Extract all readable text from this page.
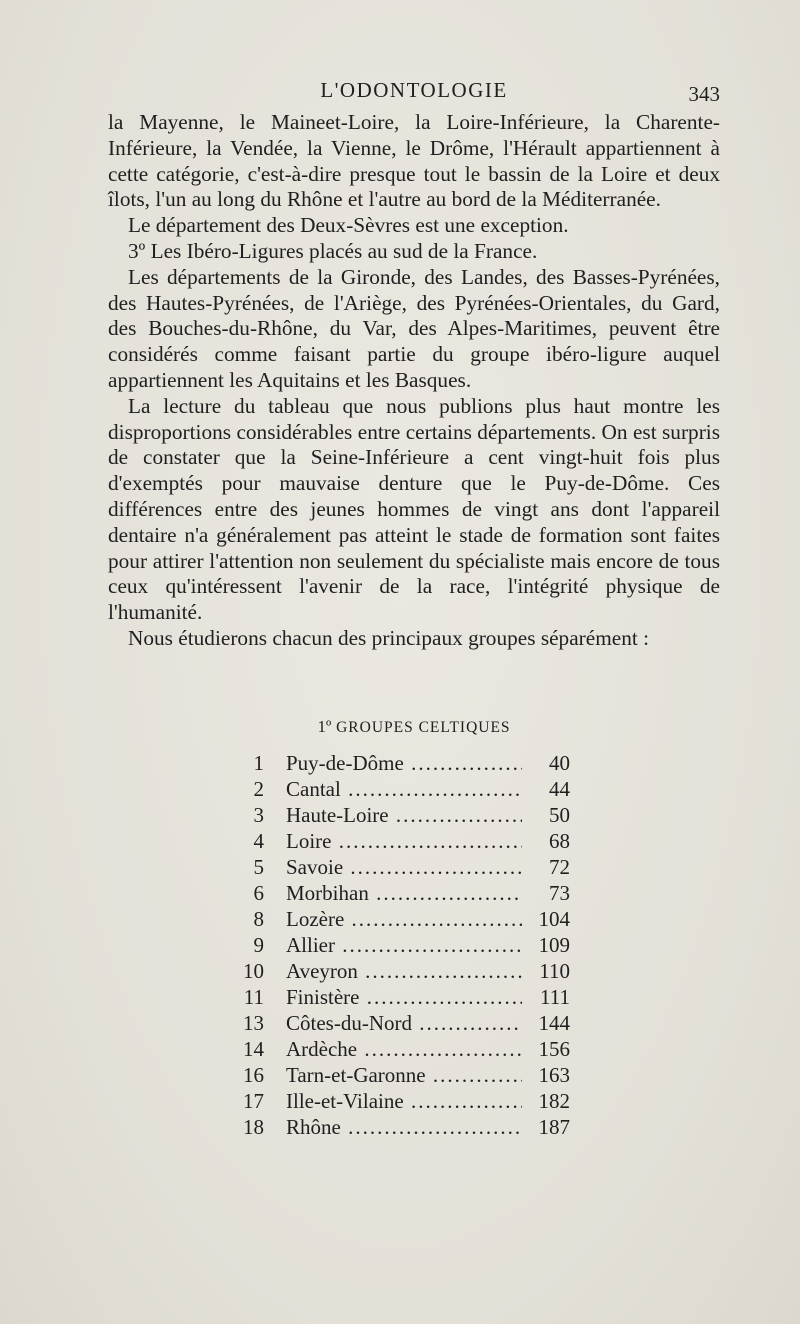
L'ODONTOLOGIE	343

la Mayenne, le Maineet-Loire, la Loire-Inférieure, la Charente-Inférieure, la Vendée, la Vienne, le Drôme, l'Hérault appartiennent à cette catégorie, c'est-à-dire presque tout le bassin de la Loire et deux îlots, l'un au long du Rhône et l'autre au bord de la Méditerranée.

Le département des Deux-Sèvres est une exception.

3º Les Ibéro-Ligures placés au sud de la France.

Les départements de la Gironde, des Landes, des Basses-Pyrénées, des Hautes-Pyrénées, de l'Ariège, des Pyrénées-Orientales, du Gard, des Bouches-du-Rhône, du Var, des Alpes-Maritimes, peuvent être considérés comme faisant partie du groupe ibéro-ligure auquel appartiennent les Aquitains et les Basques.

La lecture du tableau que nous publions plus haut montre les disproportions considérables entre certains départements. On est surpris de constater que la Seine-Inférieure a cent vingt-huit fois plus d'exemptés pour mauvaise denture que le Puy-de-Dôme. Ces différences entre des jeunes hommes de vingt ans dont l'appareil dentaire n'a généralement pas atteint le stade de formation sont faites pour attirer l'attention non seulement du spécialiste mais encore de tous ceux qu'intéressent l'avenir de la race, l'intégrité physique de l'humanité.

Nous étudierons chacun des principaux groupes séparément :

1º GROUPES CELTIQUES
1 Puy-de-Dôme .....	40
2 Cantal .....	44
3 Haute-Loire .....	50
4 Loire .....	68
5 Savoie .....	72
6 Morbihan .....	73
8 Lozère .....	104
9 Allier .....	109
10 Aveyron .....	110
11 Finistère .....	111
13 Côtes-du-Nord .....	144
14 Ardèche .....	156
16 Tarn-et-Garonne .....	163
17 Ille-et-Vilaine .....	182
18 Rhône .....	187
